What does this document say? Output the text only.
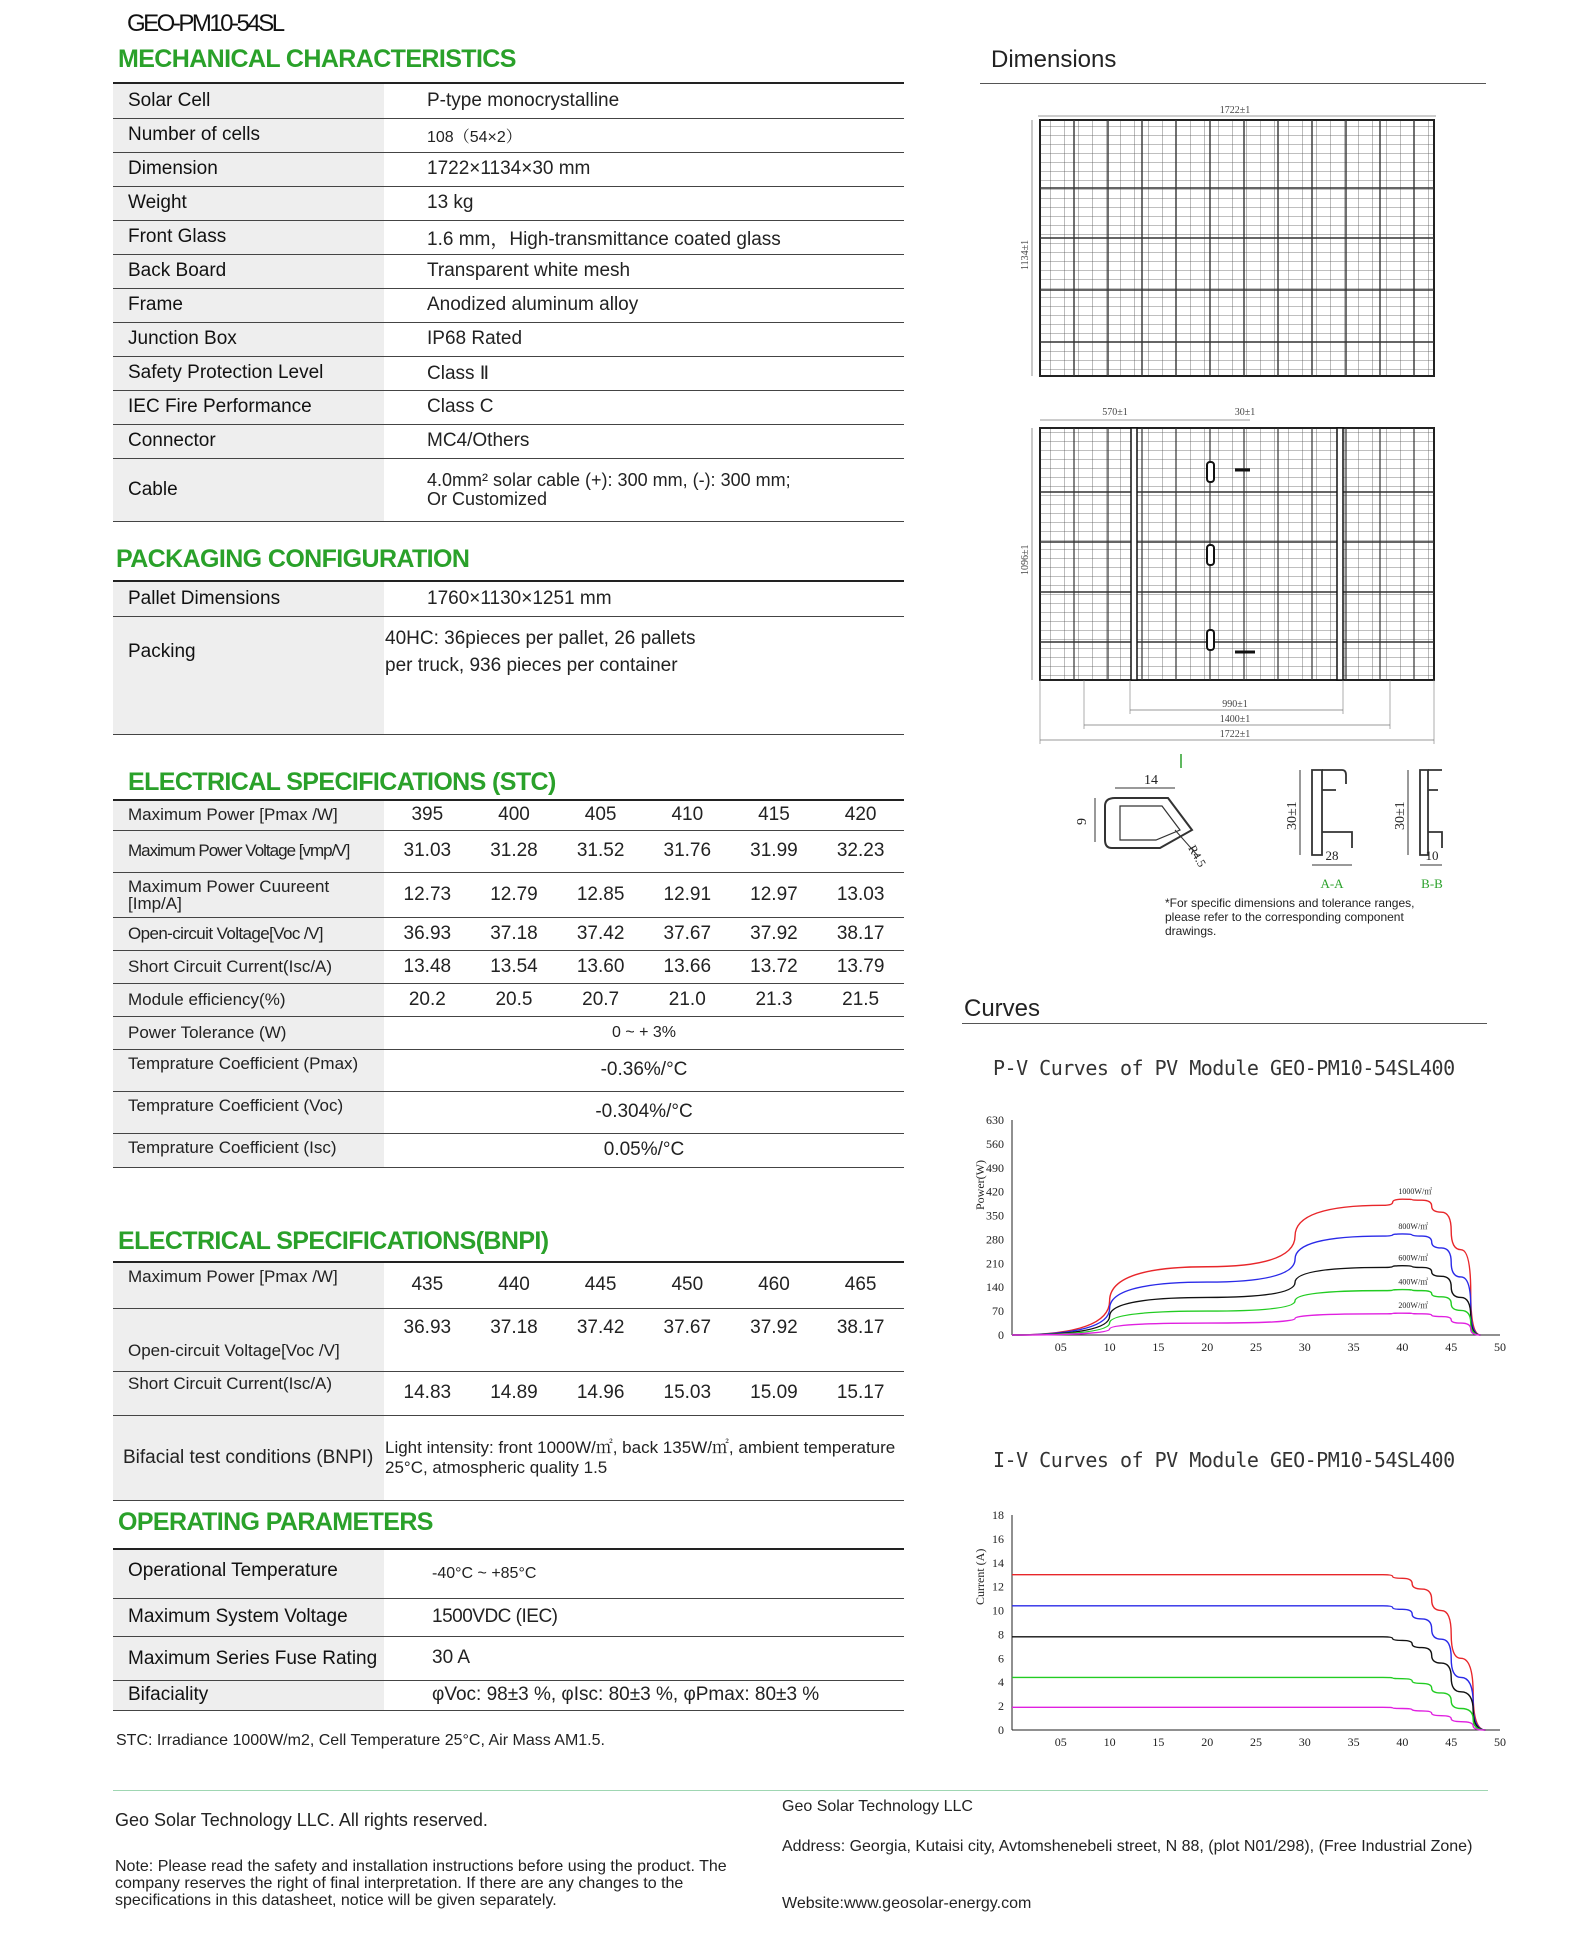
GEO-PM10-54SL
MECHANICAL CHARACTERISTICS
Solar Cell	P-type monocrystalline
Number of cells	108（54×2）
Dimension	1722×1134×30 mm
Weight	13 kg
Front Glass	1.6 mm，High-transmittance coated glass
Back Board	Transparent white mesh
Frame	Anodized aluminum alloy
Junction Box	IP68 Rated
Safety Protection Level	Class Ⅱ
IEC Fire Performance	Class C
Connector	MC4/Others
Cable	4.0mm² solar cable (+): 300 mm, (-): 300 mm;
Or Customized
PACKAGING CONFIGURATION
Pallet Dimensions	1760×1130×1251 mm
Packing	40HC: 36pieces per pallet, 26 pallets
per truck, 936 pieces per container
ELECTRICAL SPECIFICATIONS (STC)
Maximum Power [Pmax /W]	395	400	405	410	415	420
Maximum Power Voltage [vmp/V]	31.03	31.28	31.52	31.76	31.99	32.23
Maximum Power Cuureent [Imp/A]	12.73	12.79	12.85	12.91	12.97	13.03
Open-circuit Voltage[Voc /V]	36.93	37.18	37.42	37.67	37.92	38.17
Short Circuit Current(Isc/A)	13.48	13.54	13.60	13.66	13.72	13.79
Module efficiency(%)	20.2	20.5	20.7	21.0	21.3	21.5
Power Tolerance (W)	0 ~ + 3%					
Temprature Coefficient (Pmax)	-0.36%/°C					
Temprature Coefficient (Voc)	-0.304%/°C					
Temprature Coefficient (Isc)	0.05%/°C					
ELECTRICAL SPECIFICATIONS(BNPI)
Maximum Power [Pmax /W]	435	440	445	450	460	465
Open-circuit Voltage[Voc /V]	36.93	37.18	37.42	37.67	37.92	38.17
Short Circuit Current(Isc/A)	14.83	14.89	14.96	15.03	15.09	15.17
Bifacial test conditions (BNPI)	Light intensity: front 1000W/㎡, back 135W/㎡, ambient temperature 25°C, atmospheric quality 1.5					
OPERATING PARAMETERS
Operational Temperature	-40°C ~ +85°C
Maximum System Voltage	1500VDC (IEC)
Maximum Series Fuse Rating	30 A
Bifaciality	φVoc: 98±3 %, φIsc: 80±3 %, φPmax: 80±3 %
STC: Irradiance 1000W/m2, Cell Temperature 25°C, Air Mass AM1.5.
Dimensions
1722±1
1134±1
570±1	30±1
1096±1
990±1
1400±1
1722±1
14
9
R4.5
30±1
28
A-A
30±1
10
B-B
*For specific dimensions and tolerance ranges, please refer to the corresponding component drawings.
Curves
P-V Curves of PV Module GEO-PM10-54SL400
Power(W)
0
70
140
210
280
350
420
490
560
630
05	10	15	20	25	30	35	40	45	50
1000W/㎡
800W/㎡
600W/㎡
400W/㎡
200W/㎡
I-V Curves of PV Module GEO-PM10-54SL400
Current (A)
0
2
4
6
8
10
12
14
16
18
05	10	15	20	25	30	35	40	45	50
Geo Solar Technology LLC. All rights reserved.
Note: Please read the safety and installation instructions before using the product. The company reserves the right of final interpretation. If there are any changes to the specifications in this datasheet, notice will be given separately.
Geo Solar Technology LLC
Address: Georgia, Kutaisi city, Avtomshenebeli street, N 88, (plot N01/298), (Free Industrial Zone)
Website:www.geosolar-energy.com
